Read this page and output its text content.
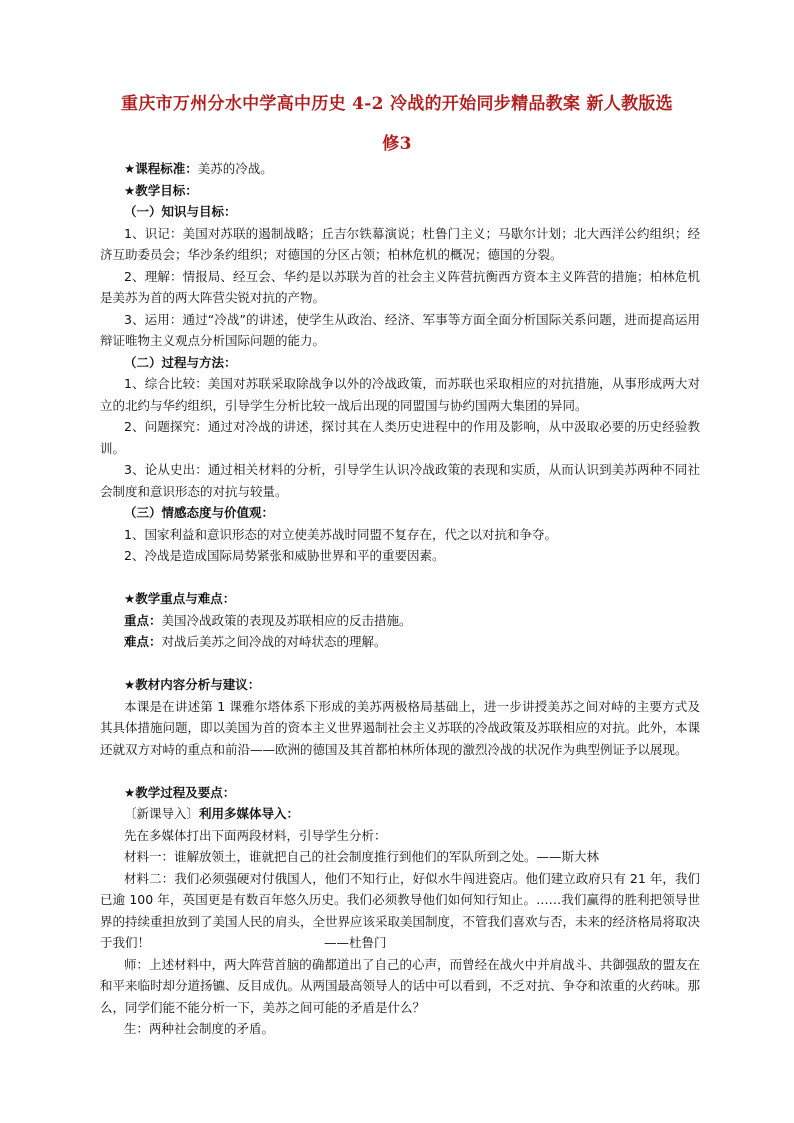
重庆市万州分水中学高中历史 4-2 冷战的开始同步精品教案 新人教版选
修3

★课程标准：美苏的冷战。

★教学目标：

（一）知识与目标：

1、识记：美国对苏联的遏制战略；丘吉尔铁幕演说；杜鲁门主义；马歇尔计划；北大西洋公约组织；经济互助委员会；华沙条约组织；对德国的分区占领；柏林危机的概况；德国的分裂。

2、理解：情报局、经互会、华约是以苏联为首的社会主义阵营抗衡西方资本主义阵营的措施；柏林危机是美苏为首的两大阵营尖锐对抗的产物。

3、运用：通过“冷战”的讲述，使学生从政治、经济、军事等方面全面分析国际关系问题，进而提高运用辩证唯物主义观点分析国际问题的能力。

（二）过程与方法：

1、综合比较：美国对苏联采取除战争以外的冷战政策，而苏联也采取相应的对抗措施，从事形成两大对立的北约与华约组织，引导学生分析比较一战后出现的同盟国与协约国两大集团的异同。

2、问题探究：通过对冷战的讲述，探讨其在人类历史进程中的作用及影响，从中汲取必要的历史经验教训。

3、论从史出：通过相关材料的分析，引导学生认识冷战政策的表现和实质，从而认识到美苏两种不同社会制度和意识形态的对抗与较量。

（三）情感态度与价值观：

1、国家利益和意识形态的对立使美苏战时同盟不复存在，代之以对抗和争夺。

2、冷战是造成国际局势紧张和威胁世界和平的重要因素。

★教学重点与难点：

重点：美国冷战政策的表现及苏联相应的反击措施。

难点：对战后美苏之间冷战的对峙状态的理解。

★教材内容分析与建议：

本课是在讲述第 1 课雅尔塔体系下形成的美苏两极格局基础上，进一步讲授美苏之间对峙的主要方式及其具体措施问题，即以美国为首的资本主义世界遏制社会主义苏联的冷战政策及苏联相应的对抗。此外，本课还就双方对峙的重点和前沿——欧洲的德国及其首都柏林所体现的激烈冷战的状况作为典型例证予以展现。

★教学过程及要点：

〔新课导入〕利用多媒体导入：

先在多媒体打出下面两段材料，引导学生分析：

材料一：谁解放领土，谁就把自己的社会制度推行到他们的军队所到之处。——斯大林

材料二：我们必须强硬对付俄国人，他们不知行止，好似水牛闯进瓷店。他们建立政府只有 21 年，我们已逾 100 年，英国更是有数百年悠久历史。我们必须教导他们如何知行知止。……我们赢得的胜利把领导世界的持续重担放到了美国人民的肩头，全世界应该采取美国制度，不管我们喜欢与否，未来的经济格局将取决于我们！	——杜鲁门

师：上述材料中，两大阵营首脑的确都道出了自己的心声，而曾经在战火中并肩战斗、共御强敌的盟友在和平来临时却分道扬镳、反目成仇。从两国最高领导人的话中可以看到，不乏对抗、争夺和浓重的火药味。那么，同学们能不能分析一下，美苏之间可能的矛盾是什么？

生：两种社会制度的矛盾。
